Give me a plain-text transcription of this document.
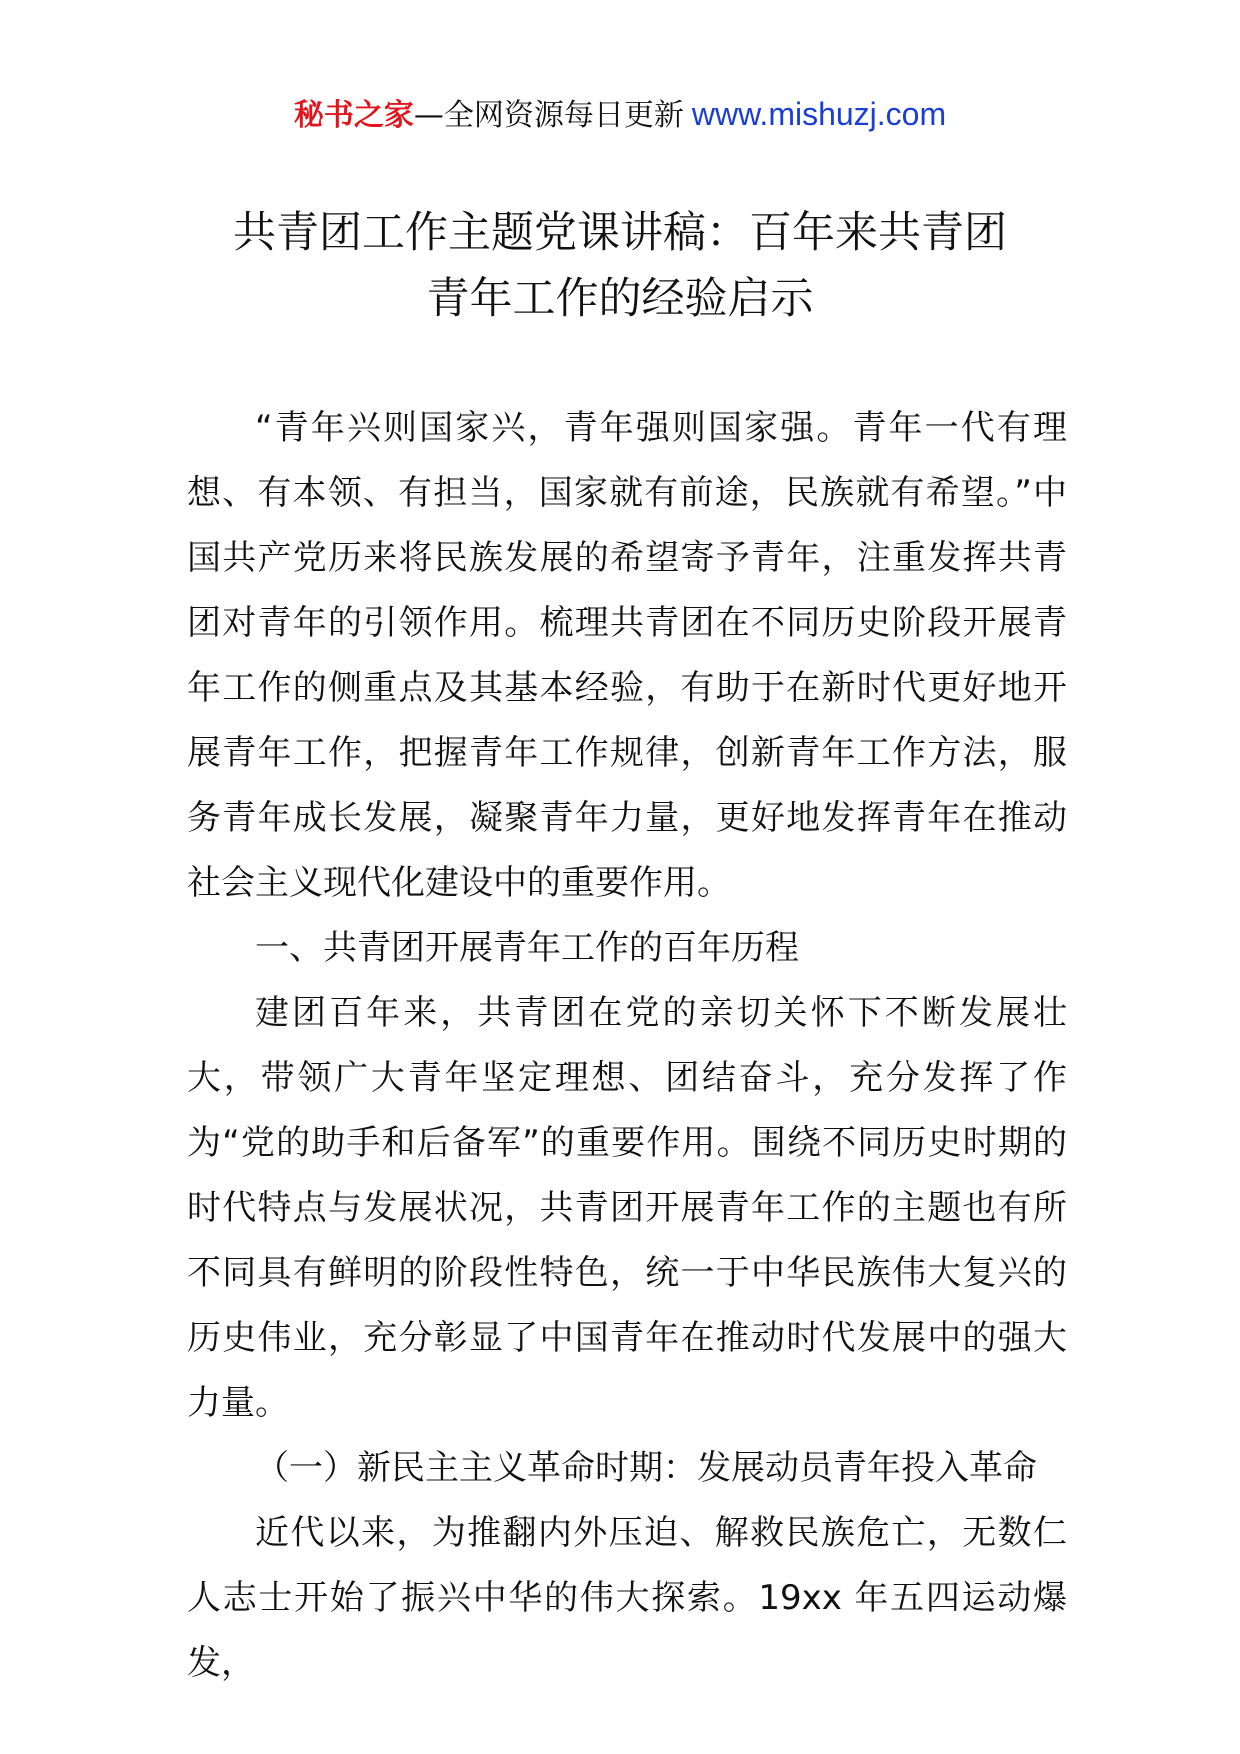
秘书之家—全网资源每日更新 www.mishuzj.com
共青团工作主题党课讲稿：百年来共青团
青年工作的经验启示

“青年兴则国家兴，青年强则国家强。青年一代有理想、有本领、有担当，国家就有前途，民族就有希望。”中国共产党历来将民族发展的希望寄予青年，注重发挥共青团对青年的引领作用。梳理共青团在不同历史阶段开展青年工作的侧重点及其基本经验，有助于在新时代更好地开展青年工作，把握青年工作规律，创新青年工作方法，服务青年成长发展，凝聚青年力量，更好地发挥青年在推动社会主义现代化建设中的重要作用。

一、共青团开展青年工作的百年历程

建团百年来，共青团在党的亲切关怀下不断发展壮大，带领广大青年坚定理想、团结奋斗，充分发挥了作为“党的助手和后备军”的重要作用。围绕不同历史时期的时代特点与发展状况，共青团开展青年工作的主题也有所不同具有鲜明的阶段性特色，统一于中华民族伟大复兴的历史伟业，充分彰显了中国青年在推动时代发展中的强大力量。

（一）新民主主义革命时期：发展动员青年投入革命

近代以来，为推翻内外压迫、解救民族危亡，无数仁人志士开始了振兴中华的伟大探索。19xx 年五四运动爆发，
